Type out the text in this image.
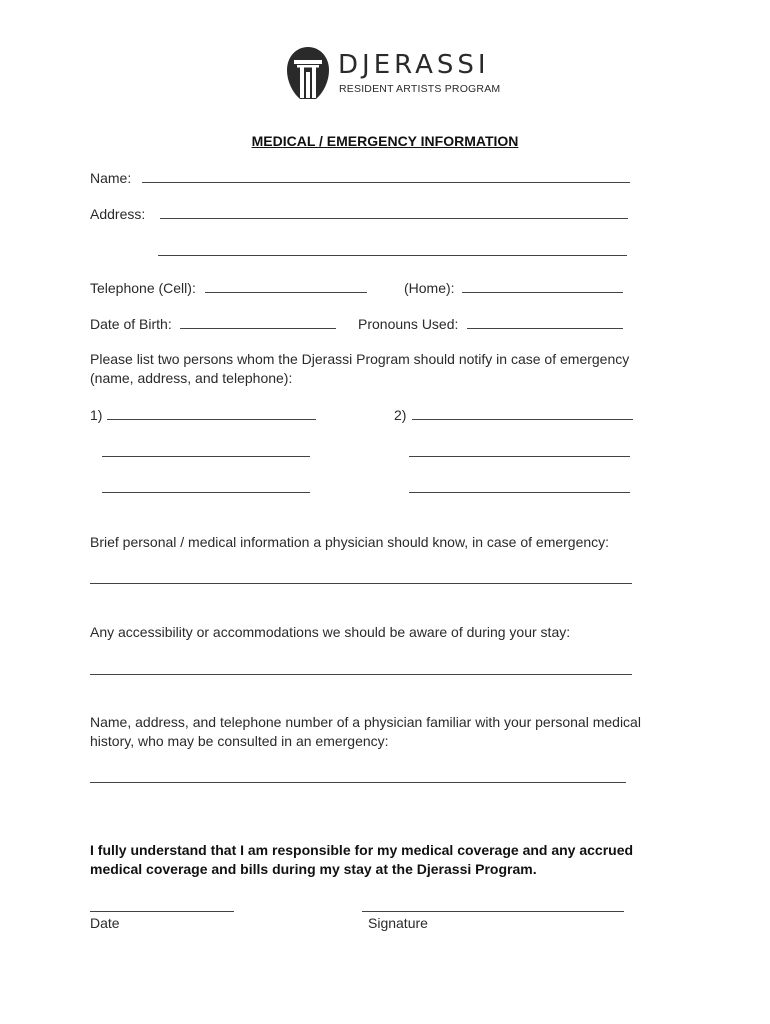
DJERASSI
RESIDENT ARTISTS PROGRAM
MEDICAL / EMERGENCY INFORMATION
Name:
Address:
Telephone (Cell):	(Home):
Date of Birth:	Pronouns Used:
Please list two persons whom the Djerassi Program should notify in case of emergency
(name, address, and telephone):
1)	2)
Brief personal / medical information a physician should know, in case of emergency:
Any accessibility or accommodations we should be aware of during your stay:
Name, address, and telephone number of a physician familiar with your personal medical
history, who may be consulted in an emergency:
I fully understand that I am responsible for my medical coverage and any accrued
medical coverage and bills during my stay at the Djerassi Program.
Date	Signature
